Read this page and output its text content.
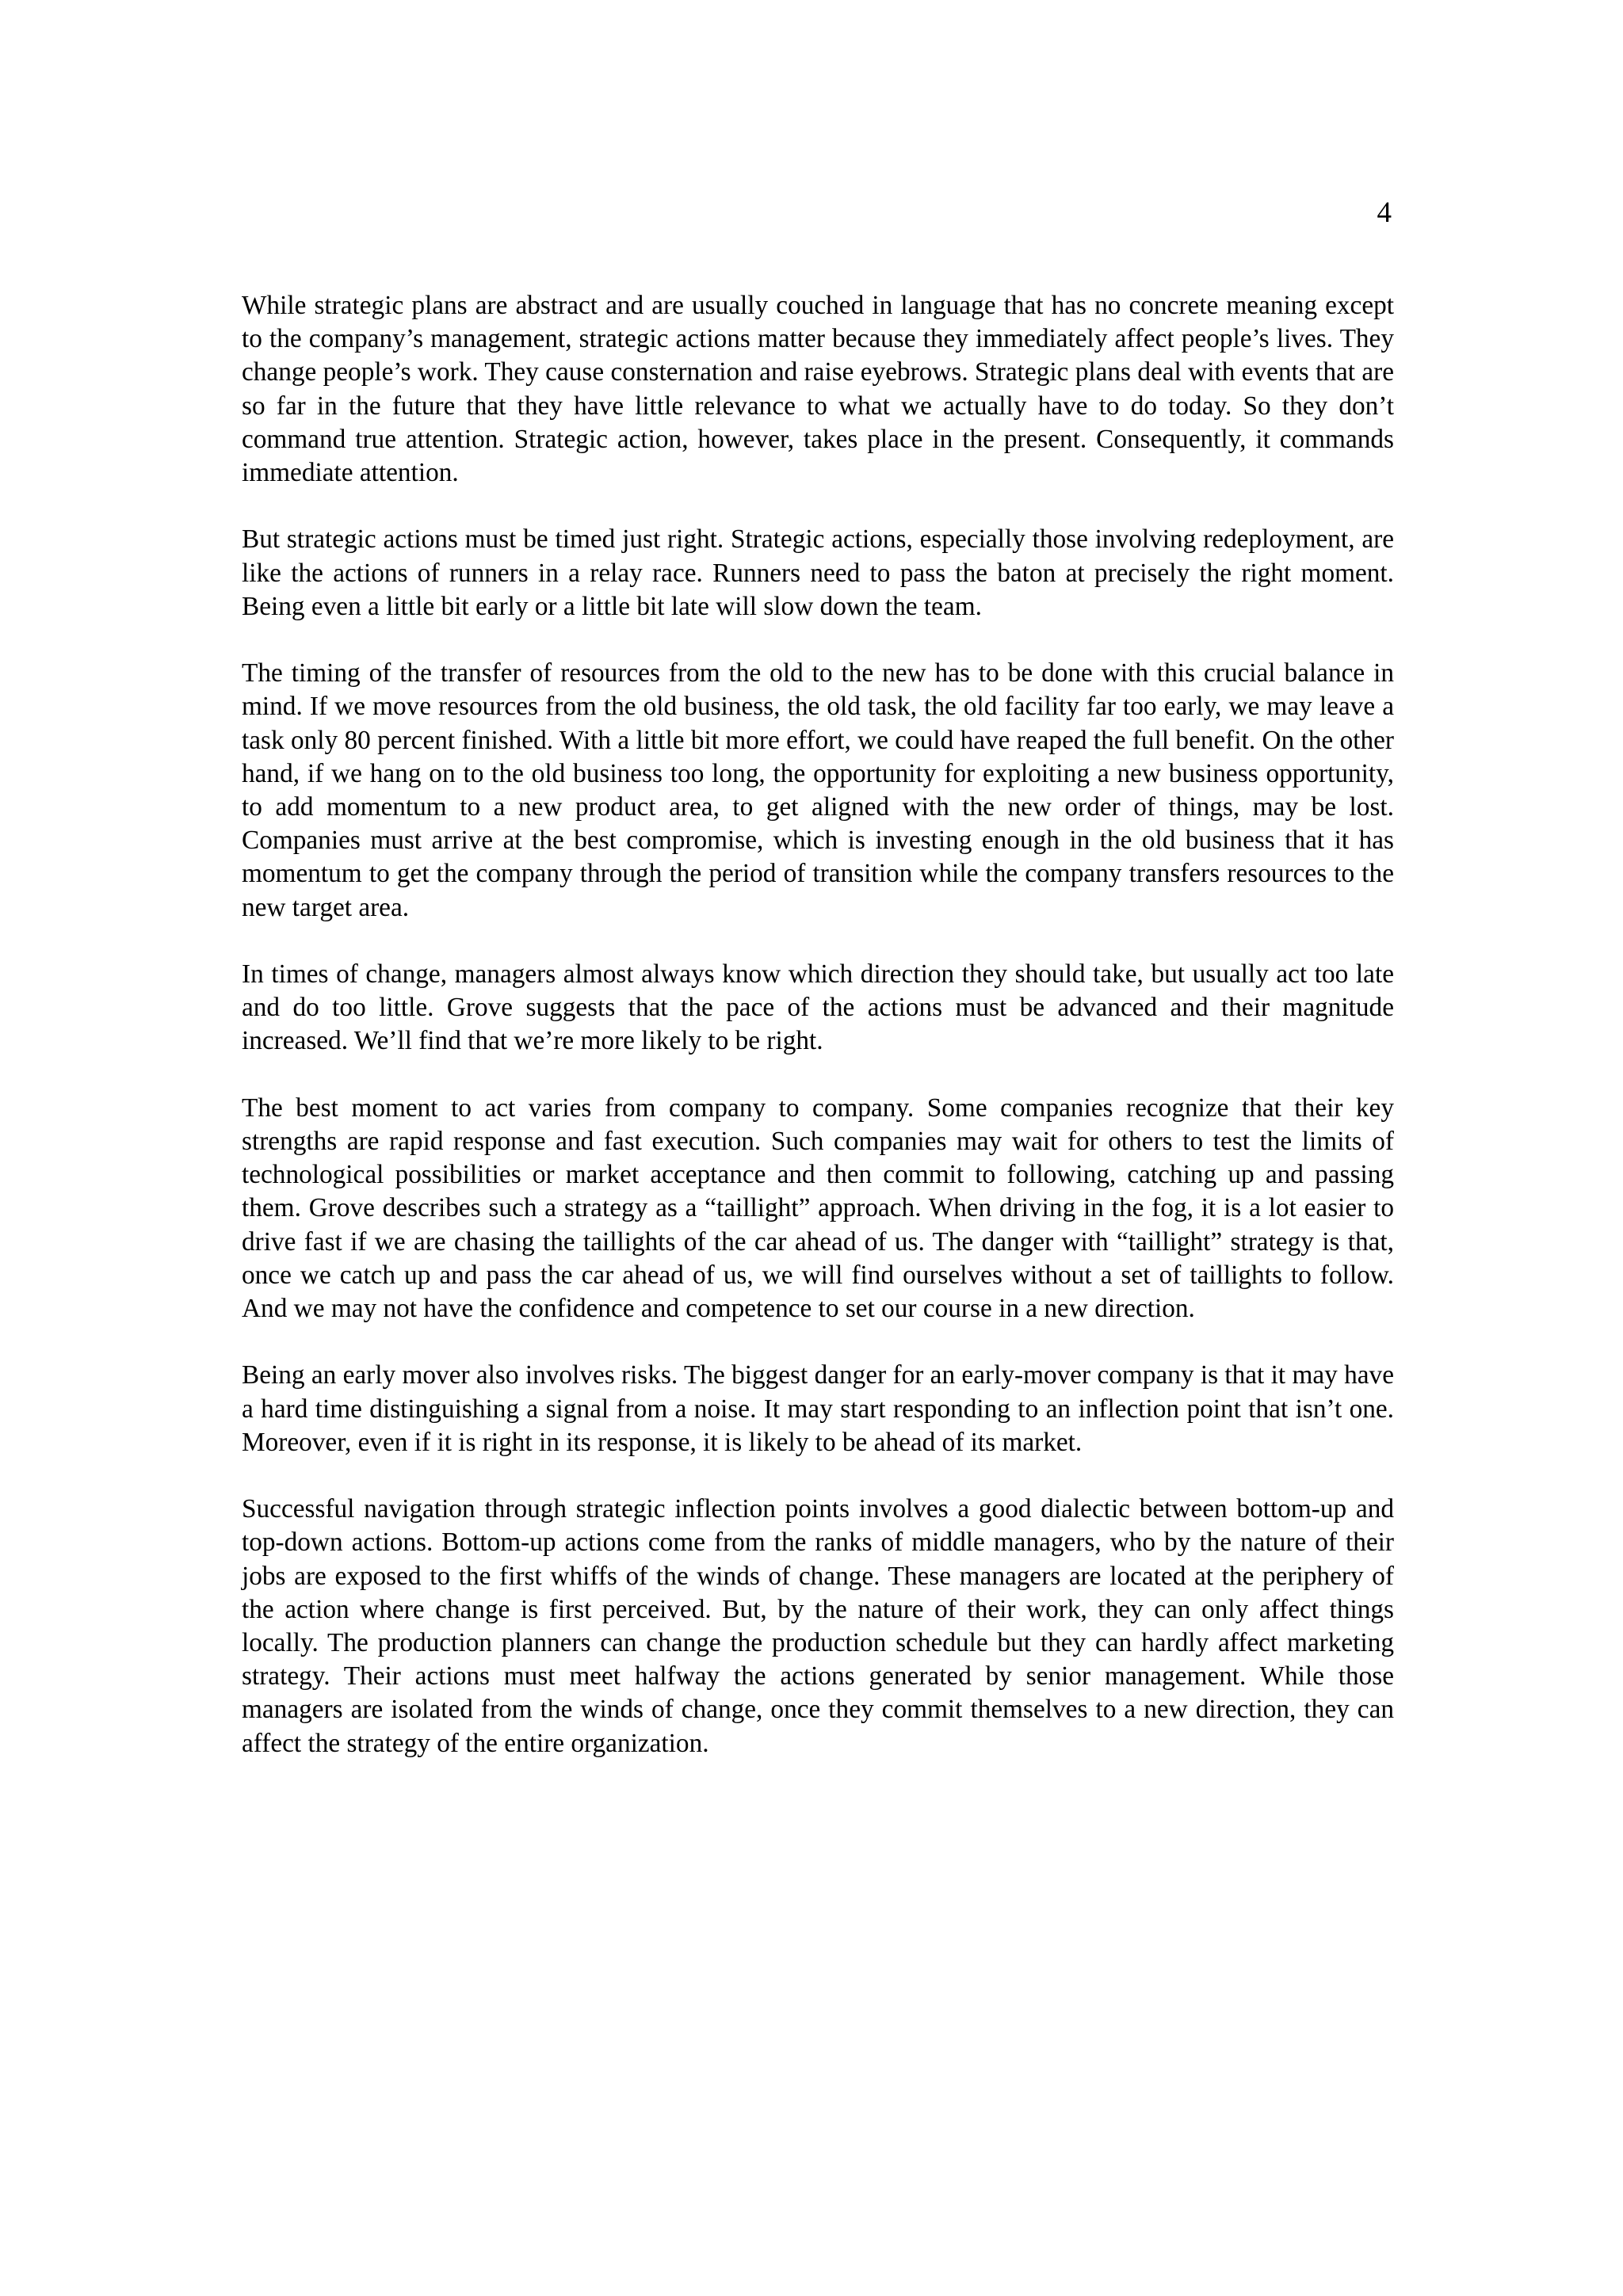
4

While strategic plans are abstract and are usually couched in language that has no concrete meaning except to the company’s management, strategic actions matter because they immediately affect people’s lives. They change people’s work. They cause consternation and raise eyebrows. Strategic plans deal with events that are so far in the future that they have little relevance to what we actually have to do today. So they don’t command true attention. Strategic action, however, takes place in the present. Consequently, it commands immediate attention.

But strategic actions must be timed just right. Strategic actions, especially those involving redeployment, are like the actions of runners in a relay race. Runners need to pass the baton at precisely the right moment. Being even a little bit early or a little bit late will slow down the team.

The timing of the transfer of resources from the old to the new has to be done with this crucial balance in mind. If we move resources from the old business, the old task, the old facility far too early, we may leave a task only 80 percent finished. With a little bit more effort, we could have reaped the full benefit. On the other hand, if we hang on to the old business too long, the opportunity for exploiting a new business opportunity, to add momentum to a new product area, to get aligned with the new order of things, may be lost. Companies must arrive at the best compromise, which is investing enough in the old business that it has momentum to get the company through the period of transition while the company transfers resources to the new target area.

In times of change, managers almost always know which direction they should take, but usually act too late and do too little. Grove suggests that the pace of the actions must be advanced and their magnitude increased. We’ll find that we’re more likely to be right.

The best moment to act varies from company to company. Some companies recognize that their key strengths are rapid response and fast execution. Such companies may wait for others to test the limits of technological possibilities or market acceptance and then commit to following, catching up and passing them. Grove describes such a strategy as a “taillight” approach. When driving in the fog, it is a lot easier to drive fast if we are chasing the taillights of the car ahead of us. The danger with “taillight” strategy is that, once we catch up and pass the car ahead of us, we will find ourselves without a set of taillights to follow. And we may not have the confidence and competence to set our course in a new direction.

Being an early mover also involves risks. The biggest danger for an early-mover company is that it may have a hard time distinguishing a signal from a noise. It may start responding to an inflection point that isn’t one. Moreover, even if it is right in its response, it is likely to be ahead of its market.

Successful navigation through strategic inflection points involves a good dialectic between bottom-up and top-down actions. Bottom-up actions come from the ranks of middle managers, who by the nature of their jobs are exposed to the first whiffs of the winds of change. These managers are located at the periphery of the action where change is first perceived. But, by the nature of their work, they can only affect things locally. The production planners can change the production schedule but they can hardly affect marketing strategy. Their actions must meet halfway the actions generated by senior management. While those managers are isolated from the winds of change, once they commit themselves to a new direction, they can affect the strategy of the entire organization.
